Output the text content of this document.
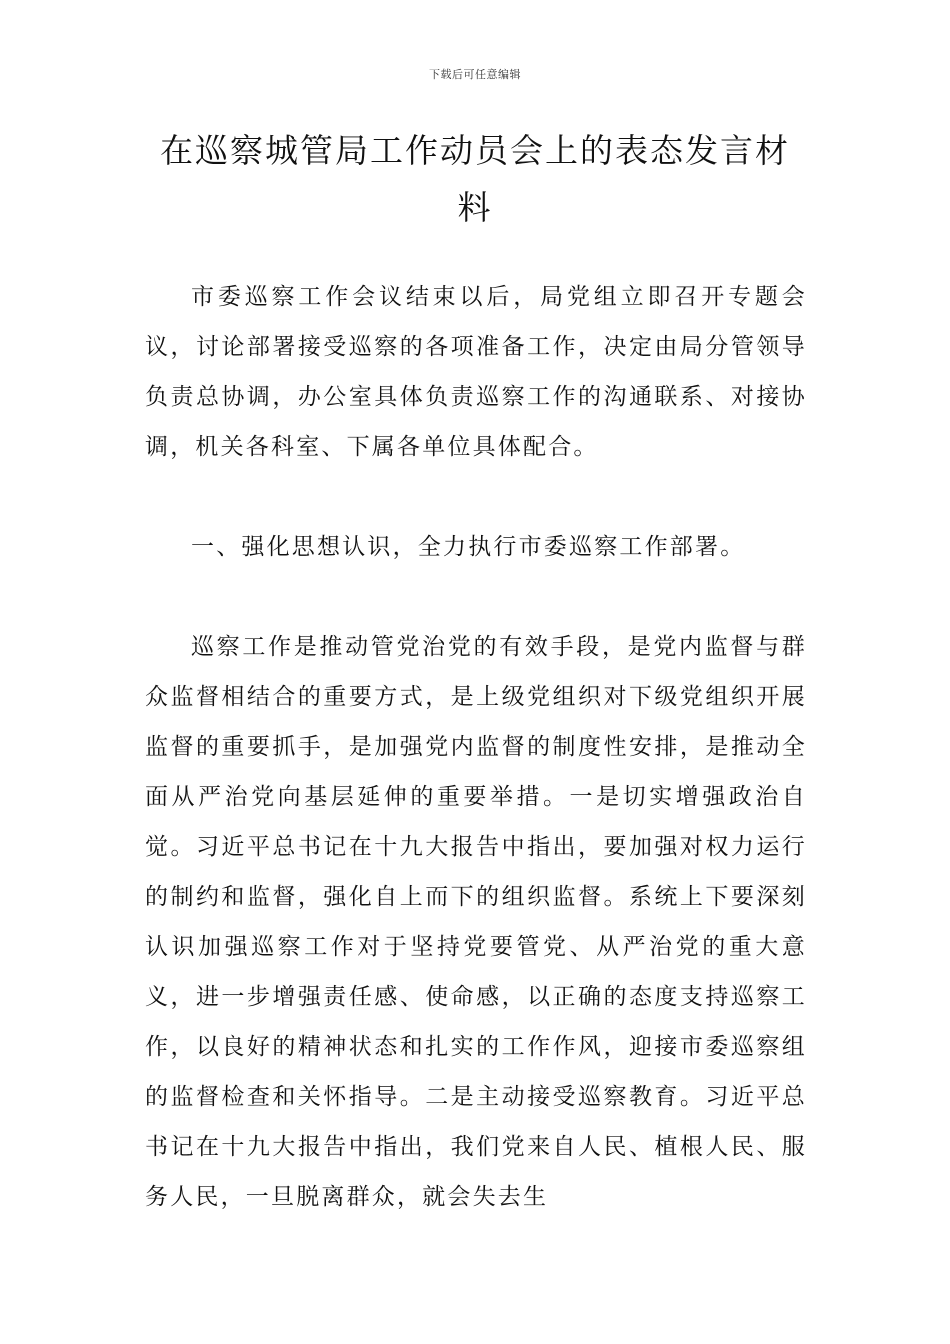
下载后可任意编辑
在巡察城管局工作动员会上的表态发言材料

市委巡察工作会议结束以后，局党组立即召开专题会议，讨论部署接受巡察的各项准备工作，决定由局分管领导负责总协调，办公室具体负责巡察工作的沟通联系、对接协调，机关各科室、下属各单位具体配合。

一、强化思想认识，全力执行市委巡察工作部署。

巡察工作是推动管党治党的有效手段，是党内监督与群众监督相结合的重要方式，是上级党组织对下级党组织开展监督的重要抓手，是加强党内监督的制度性安排，是推动全面从严治党向基层延伸的重要举措。一是切实增强政治自觉。习近平总书记在十九大报告中指出，要加强对权力运行的制约和监督，强化自上而下的组织监督。系统上下要深刻认识加强巡察工作对于坚持党要管党、从严治党的重大意义，进一步增强责任感、使命感，以正确的态度支持巡察工作，以良好的精神状态和扎实的工作作风，迎接市委巡察组的监督检查和关怀指导。二是主动接受巡察教育。习近平总书记在十九大报告中指出，我们党来自人民、植根人民、服务人民，一旦脱离群众，就会失去生
